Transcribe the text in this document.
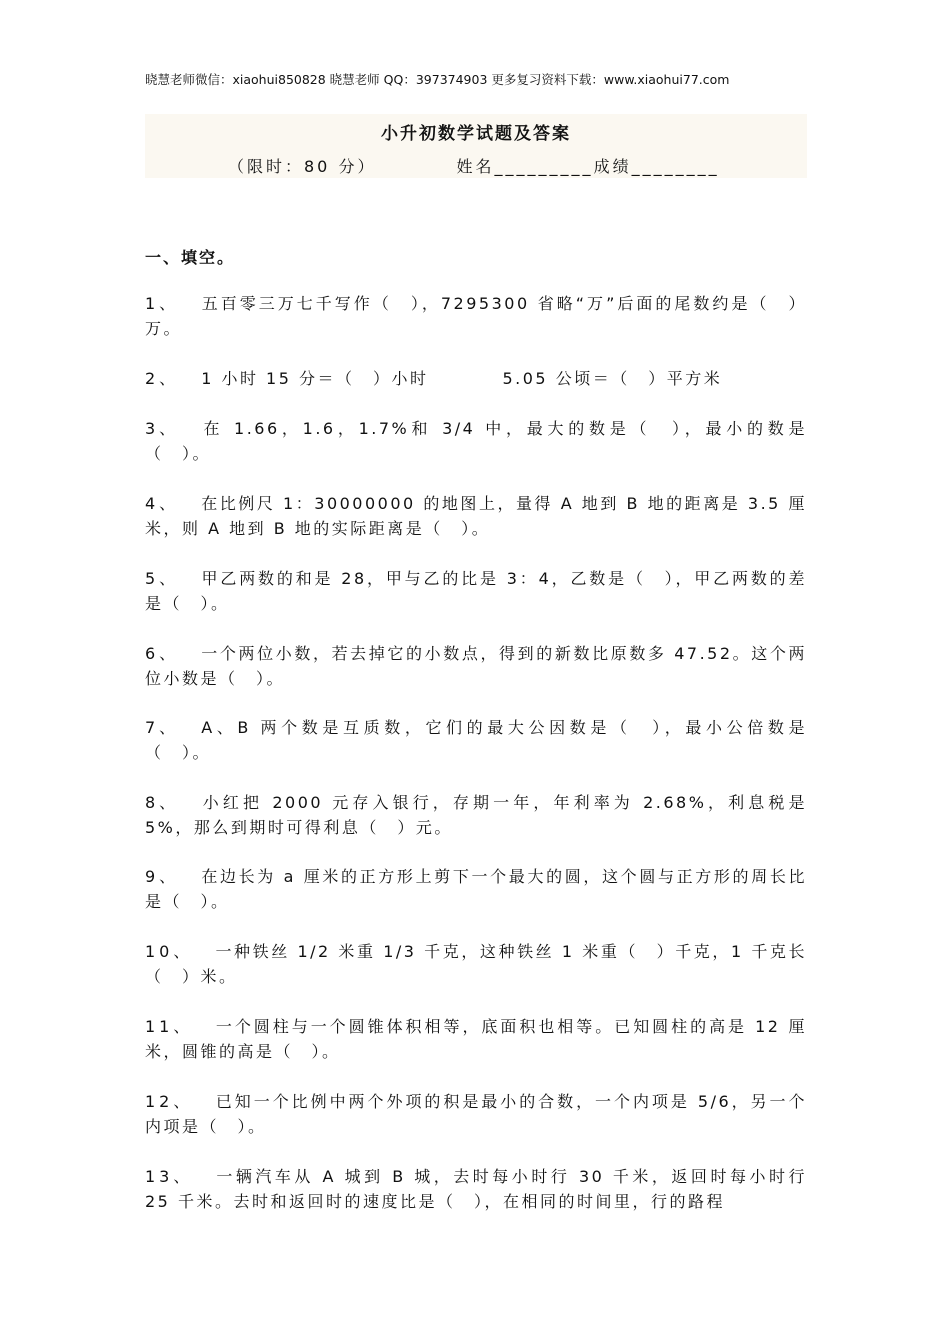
晓慧老师微信：xiaohui850828 晓慧老师 QQ：397374903 更多复习资料下载：www.xiaohui77.com
小升初数学试题及答案
（限时：80 分）	姓名_________成绩________
一、填空。
1、 五百零三万七千写作（　），7295300 省略“万”后面的尾数约是（　）万。
2、 1 小时 15 分＝（　）小时　　　　5.05 公顷＝（　）平方米
3、 在 1.66，1.6，1.7%和 3/4 中，最大的数是（　），最小的数是（　）。
4、 在比例尺 1：30000000 的地图上，量得 A 地到 B 地的距离是 3.5 厘米，则 A 地到 B 地的实际距离是（　）。
5、 甲乙两数的和是 28，甲与乙的比是 3：4，乙数是（　），甲乙两数的差是（　）。
6、 一个两位小数，若去掉它的小数点，得到的新数比原数多 47.52。这个两位小数是（　）。
7、 A、B 两个数是互质数，它们的最大公因数是（　），最小公倍数是（　）。
8、 小红把 2000 元存入银行，存期一年，年利率为 2.68%，利息税是 5%，那么到期时可得利息（　）元。
9、 在边长为 a 厘米的正方形上剪下一个最大的圆，这个圆与正方形的周长比是（　）。
10、 一种铁丝 1/2 米重 1/3 千克，这种铁丝 1 米重（　）千克，1 千克长（　）米。
11、 一个圆柱与一个圆锥体积相等，底面积也相等。已知圆柱的高是 12 厘米，圆锥的高是（　）。
12、 已知一个比例中两个外项的积是最小的合数，一个内项是 5/6，另一个内项是（　）。
13、 一辆汽车从 A 城到 B 城，去时每小时行 30 千米，返回时每小时行 25 千米。去时和返回时的速度比是（　），在相同的时间里，行的路程
